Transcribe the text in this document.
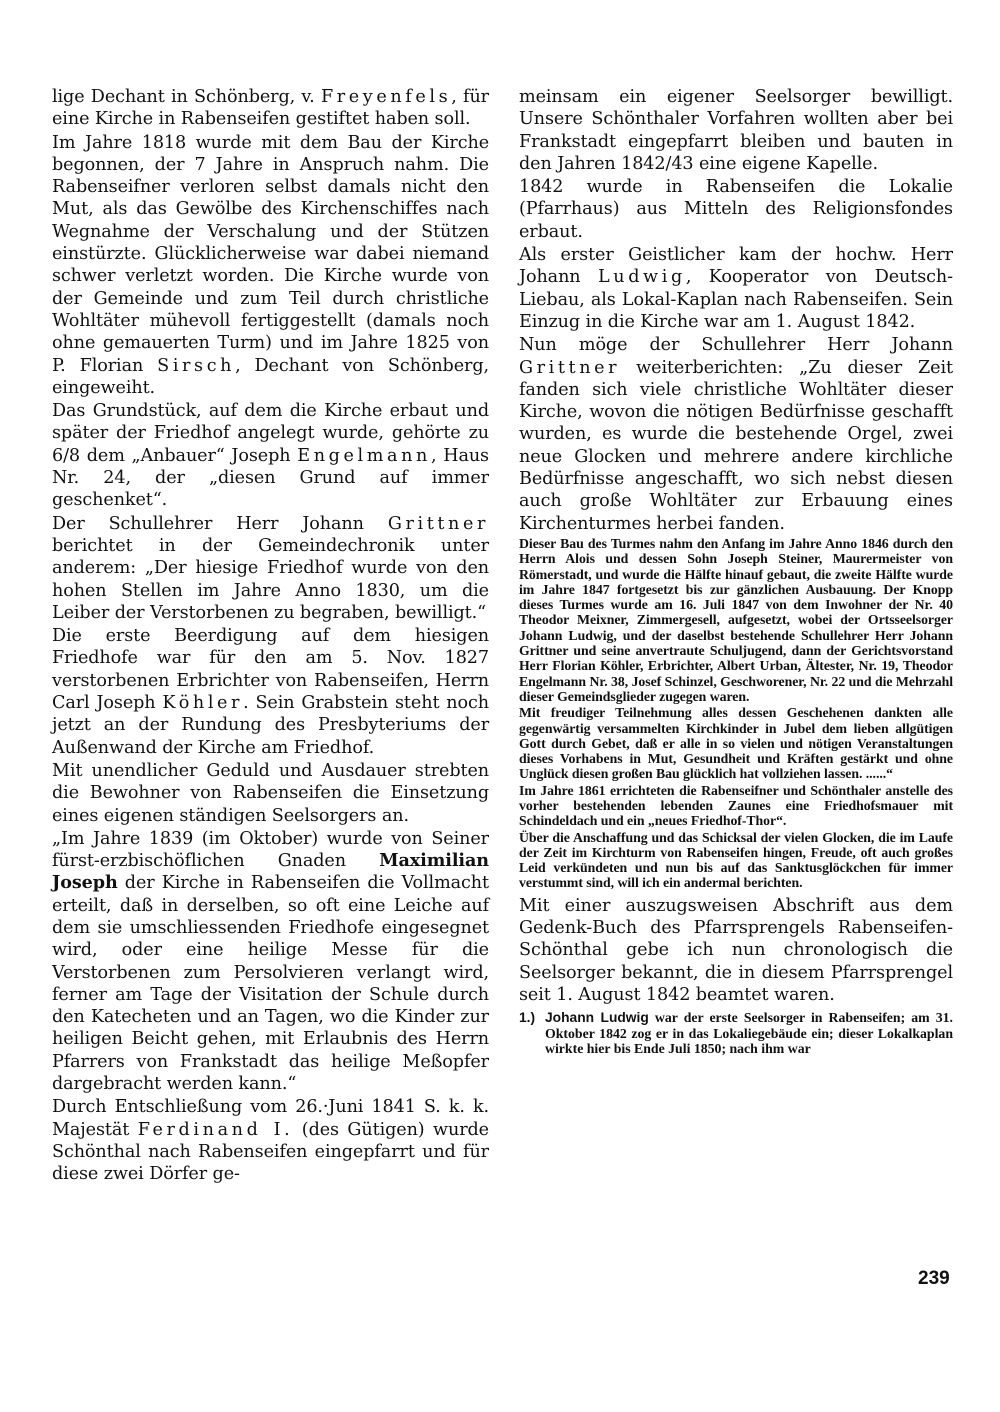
lige Dechant in Schönberg, v. Freyenfels, für eine Kirche in Rabenseifen gestiftet haben soll.

Im Jahre 1818 wurde mit dem Bau der Kirche begonnen, der 7 Jahre in Anspruch nahm. Die Rabenseifner verloren selbst damals nicht den Mut, als das Gewölbe des Kirchenschiffes nach Wegnahme der Verschalung und der Stützen einstürzte. Glücklicherweise war dabei niemand schwer verletzt worden. Die Kirche wurde von der Gemeinde und zum Teil durch christliche Wohltäter mühevoll fertiggestellt (damals noch ohne gemauerten Turm) und im Jahre 1825 von P. Florian Sirsch, Dechant von Schönberg, eingeweiht.

Das Grundstück, auf dem die Kirche erbaut und später der Friedhof angelegt wurde, gehörte zu 6/8 dem „Anbauer“ Joseph Engelmann, Haus Nr. 24, der „diesen Grund auf immer geschenket“.

Der Schullehrer Herr Johann Grittner berichtet in der Gemeindechronik unter anderem: „Der hiesige Friedhof wurde von den hohen Stellen im Jahre Anno 1830, um die Leiber der Verstorbenen zu begraben, bewilligt.“

Die erste Beerdigung auf dem hiesigen Friedhofe war für den am 5. Nov. 1827 verstorbenen Erbrichter von Rabenseifen, Herrn Carl Joseph Köhler. Sein Grabstein steht noch jetzt an der Rundung des Presbyteriums der Außenwand der Kirche am Friedhof.

Mit unendlicher Geduld und Ausdauer strebten die Bewohner von Rabenseifen die Einsetzung eines eigenen ständigen Seelsorgers an.

„Im Jahre 1839 (im Oktober) wurde von Seiner fürst-erzbischöflichen Gnaden Maximilian Joseph der Kirche in Rabenseifen die Vollmacht erteilt, daß in derselben, so oft eine Leiche auf dem sie umschliessenden Friedhofe eingesegnet wird, oder eine heilige Messe für die Verstorbenen zum Persolvieren verlangt wird, ferner am Tage der Visitation der Schule durch den Katecheten und an Tagen, wo die Kinder zur heiligen Beicht gehen, mit Erlaubnis des Herrn Pfarrers von Frankstadt das heilige Meßopfer dargebracht werden kann.“

Durch Entschließung vom 26.·Juni 1841 S. k. k. Majestät Ferdinand I. (des Gütigen) wurde Schönthal nach Rabenseifen eingepfarrt und für diese zwei Dörfer ge-

meinsam ein eigener Seelsorger bewilligt. Unsere Schönthaler Vorfahren wollten aber bei Frankstadt eingepfarrt bleiben und bauten in den Jahren 1842/43 eine eigene Kapelle.

1842 wurde in Rabenseifen die Lokalie (Pfarrhaus) aus Mitteln des Religionsfondes erbaut.

Als erster Geistlicher kam der hochw. Herr Johann Ludwig, Kooperator von Deutsch-Liebau, als Lokal-Kaplan nach Rabenseifen. Sein Einzug in die Kirche war am 1. August 1842.

Nun möge der Schullehrer Herr Johann Grittner weiterberichten: „Zu dieser Zeit fanden sich viele christliche Wohltäter dieser Kirche, wovon die nötigen Bedürfnisse geschafft wurden, es wurde die bestehende Orgel, zwei neue Glocken und mehrere andere kirchliche Bedürfnisse angeschafft, wo sich nebst diesen auch große Wohltäter zur Erbauung eines Kirchenturmes herbei fanden.

Dieser Bau des Turmes nahm den Anfang im Jahre Anno 1846 durch den Herrn Alois und dessen Sohn Joseph Steiner, Maurermeister von Römerstadt, und wurde die Hälfte hinauf gebaut, die zweite Hälfte wurde im Jahre 1847 fortgesetzt bis zur gänzlichen Ausbauung. Der Knopp dieses Turmes wurde am 16. Juli 1847 von dem Inwohner der Nr. 40 Theodor Meixner, Zimmergesell, aufgesetzt, wobei der Ortsseelsorger Johann Ludwig, und der daselbst bestehende Schullehrer Herr Johann Grittner und seine anvertraute Schuljugend, dann der Gerichtsvorstand Herr Florian Köhler, Erbrichter, Albert Urban, Ältester, Nr. 19, Theodor Engelmann Nr. 38, Josef Schinzel, Geschworener, Nr. 22 und die Mehrzahl dieser Gemeindsglieder zugegen waren.

Mit freudiger Teilnehmung alles dessen Geschehenen dankten alle gegenwärtig versammelten Kirchkinder in Jubel dem lieben allgütigen Gott durch Gebet, daß er alle in so vielen und nötigen Veranstaltungen dieses Vorhabens in Mut, Gesundheit und Kräften gestärkt und ohne Unglück diesen großen Bau glücklich hat vollziehen lassen. ......“

Im Jahre 1861 errichteten die Rabenseifner und Schönthaler anstelle des vorher bestehenden lebenden Zaunes eine Friedhofsmauer mit Schindeldach und ein „neues Friedhof-Thor“.

Über die Anschaffung und das Schicksal der vielen Glocken, die im Laufe der Zeit im Kirchturm von Rabenseifen hingen, Freude, oft auch großes Leid verkündeten und nun bis auf das Sanktusglöckchen für immer verstummt sind, will ich ein andermal berichten.

Mit einer auszugsweisen Abschrift aus dem Gedenk-Buch des Pfarrsprengels Rabenseifen-Schönthal gebe ich nun chronologisch die Seelsorger bekannt, die in diesem Pfarrsprengel seit 1. August 1842 beamtet waren.

1.) Johann Ludwig war der erste Seelsorger in Rabenseifen; am 31. Oktober 1842 zog er in das Lokaliegebäude ein; dieser Lokalkaplan wirkte hier bis Ende Juli 1850; nach ihm war
239
